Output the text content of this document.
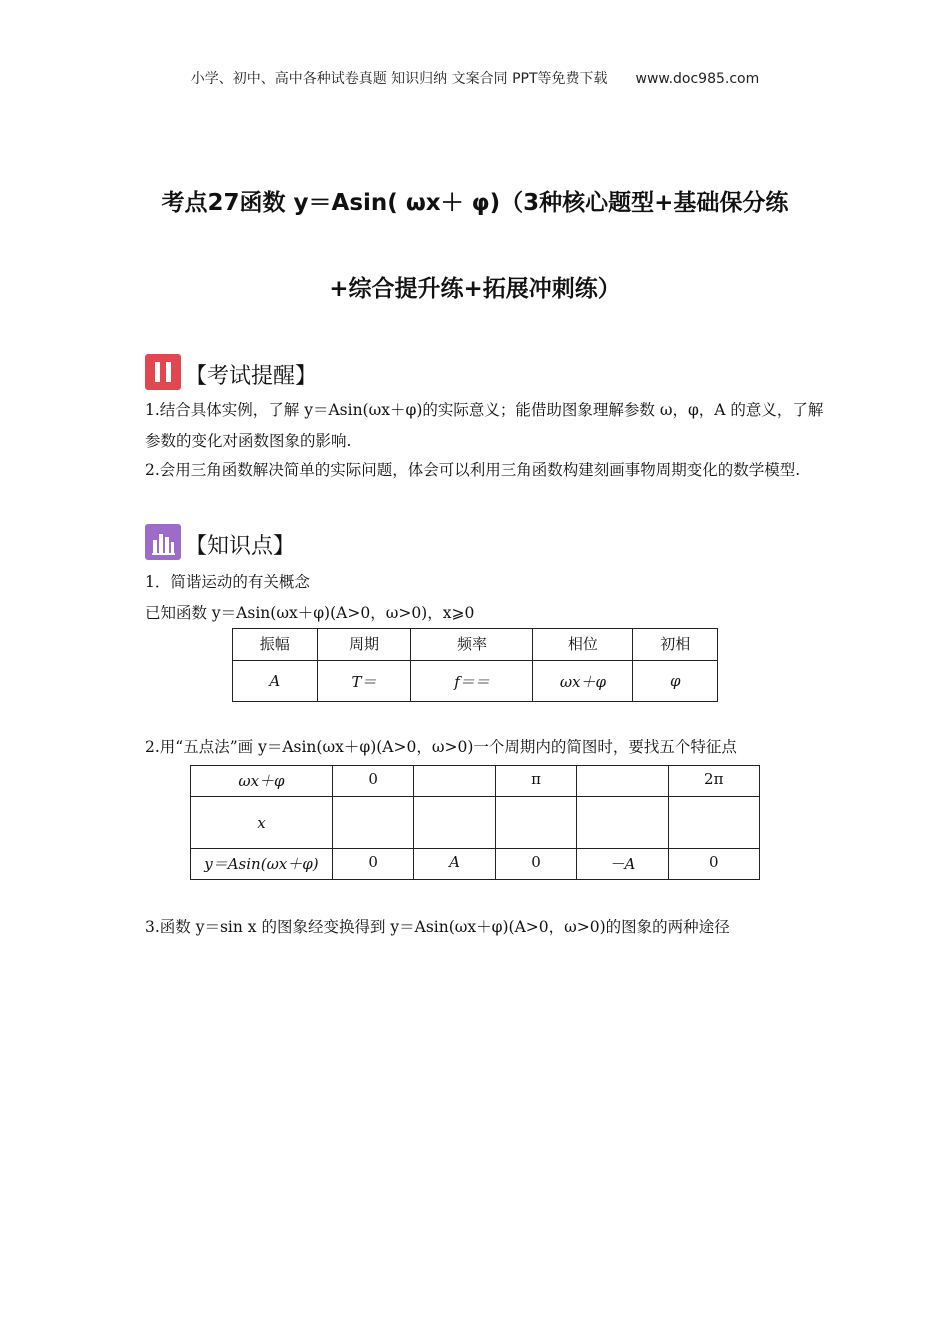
小学、初中、高中各种试卷真题 知识归纳 文案合同 PPT等免费下载 www.doc985.com
考点27函数 y＝Asin( ωx＋ φ)（3种核心题型+基础保分练
+综合提升练+拓展冲刺练）
【考试提醒】
1.结合具体实例，了解 y＝Asin(ωx＋φ)的实际意义；能借助图象理解参数 ω，φ，A 的意义，了解参数的变化对函数图象的影响.
2.会用三角函数解决简单的实际问题，体会可以利用三角函数构建刻画事物周期变化的数学模型.
【知识点】
1．简谐运动的有关概念
已知函数 y＝Asin(ωx＋φ)(A>0，ω>0)，x⩾0
振幅	周期	频率	相位	初相
A	T＝	f＝＝	ωx＋φ	φ
2.用“五点法”画 y＝Asin(ωx＋φ)(A>0，ω>0)一个周期内的简图时，要找五个特征点
ωx＋φ	0		π		2π
x					
y＝Asin(ωx＋φ)	0	A	0	－A	0
3.函数 y＝sin x 的图象经变换得到 y＝Asin(ωx＋φ)(A>0，ω>0)的图象的两种途径
